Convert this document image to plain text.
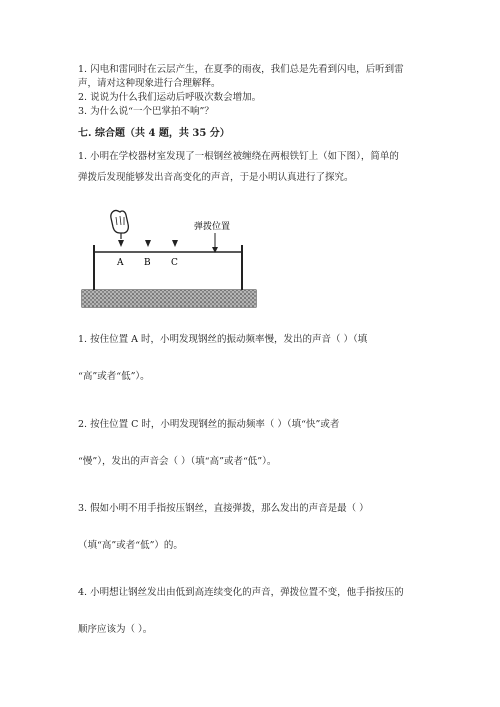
1. 闪电和雷同时在云层产生，在夏季的雨夜，我们总是先看到闪电，后听到雷
声，请对这种现象进行合理解释。
2. 说说为什么我们运动后呼吸次数会增加。
3. 为什么说“一个巴掌拍不响”？
七. 综合题（共 4 题，共 35 分）
1. 小明在学校器材室发现了一根钢丝被缠绕在两根铁钉上（如下图），简单的
弹拨后发现能够发出音高变化的声音，于是小明认真进行了探究。
弹拨位置
A B C
1. 按住位置 A 时，小明发现钢丝的振动频率慢，发出的声音（ ）（填
“高”或者“低”）。
2. 按住位置 C 时，小明发现钢丝的振动频率（ ）（填“快”或者
“慢”），发出的声音会（ ）（填“高”或者“低”）。
3. 假如小明不用手指按压钢丝，直接弹拨，那么发出的声音是最（ ）
（填“高”或者“低”）的。
4. 小明想让钢丝发出由低到高连续变化的声音，弹拨位置不变，他手指按压的
顺序应该为（ ）。
